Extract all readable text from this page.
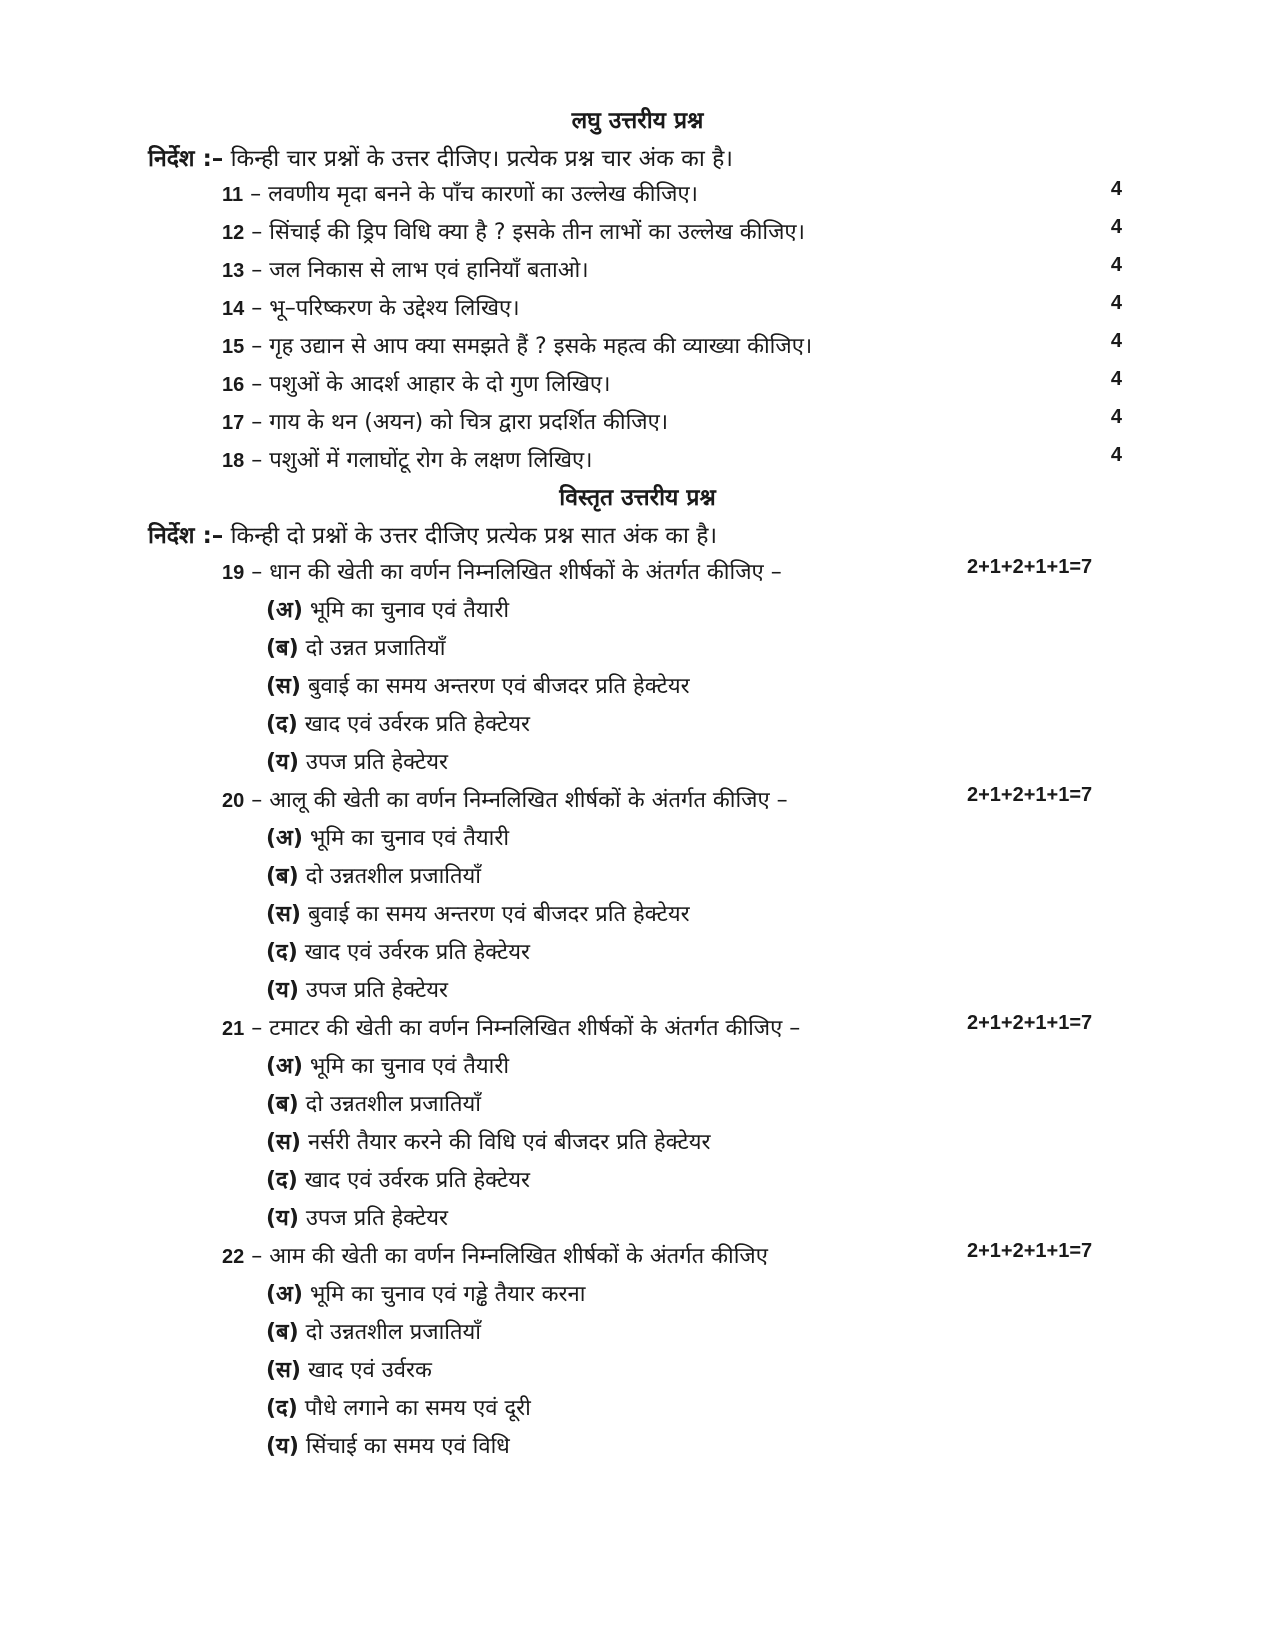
लघु उत्तरीय प्रश्न
निर्देश :– किन्ही चार प्रश्नों के उत्तर दीजिए। प्रत्येक प्रश्न चार अंक का है।
11 – लवणीय मृदा बनने के पाँच कारणों का उल्लेख कीजिए।	4
12 – सिंचाई की ड्रिप विधि क्या है ? इसके तीन लाभों का उल्लेख कीजिए।	4
13 – जल निकास से लाभ एवं हानियाँ बताओ।	4
14 – भू–परिष्करण के उद्देश्य लिखिए।	4
15 – गृह उद्यान से आप क्या समझते हैं ? इसके महत्व की व्याख्या कीजिए।	4
16 – पशुओं के आदर्श आहार के दो गुण लिखिए।	4
17 – गाय के थन (अयन) को चित्र द्वारा प्रदर्शित कीजिए।	4
18 – पशुओं में गलाघोंटू रोग के लक्षण लिखिए।	4
विस्तृत उत्तरीय प्रश्न
निर्देश :– किन्ही दो प्रश्नों के उत्तर दीजिए प्रत्येक प्रश्न सात अंक का है।
19 – धान की खेती का वर्णन निम्नलिखित शीर्षकों के अंतर्गत कीजिए –	2+1+2+1+1=7
(अ) भूमि का चुनाव एवं तैयारी
(ब) दो उन्नत प्रजातियाँ
(स) बुवाई का समय अन्तरण एवं बीजदर प्रति हेक्टेयर
(द) खाद एवं उर्वरक प्रति हेक्टेयर
(य) उपज प्रति हेक्टेयर
20 – आलू की खेती का वर्णन निम्नलिखित शीर्षकों के अंतर्गत कीजिए –	2+1+2+1+1=7
(अ) भूमि का चुनाव एवं तैयारी
(ब) दो उन्नतशील प्रजातियाँ
(स) बुवाई का समय अन्तरण एवं बीजदर प्रति हेक्टेयर
(द) खाद एवं उर्वरक प्रति हेक्टेयर
(य) उपज प्रति हेक्टेयर
21 – टमाटर की खेती का वर्णन निम्नलिखित शीर्षकों के अंतर्गत कीजिए –	2+1+2+1+1=7
(अ) भूमि का चुनाव एवं तैयारी
(ब) दो उन्नतशील प्रजातियाँ
(स) नर्सरी तैयार करने की विधि एवं बीजदर प्रति हेक्टेयर
(द) खाद एवं उर्वरक प्रति हेक्टेयर
(य) उपज प्रति हेक्टेयर
22 – आम की खेती का वर्णन निम्नलिखित शीर्षकों के अंतर्गत कीजिए	2+1+2+1+1=7
(अ) भूमि का चुनाव एवं गड्ढे तैयार करना
(ब) दो उन्नतशील प्रजातियाँ
(स) खाद एवं उर्वरक
(द) पौधे लगाने का समय एवं दूरी
(य) सिंचाई का समय एवं विधि
